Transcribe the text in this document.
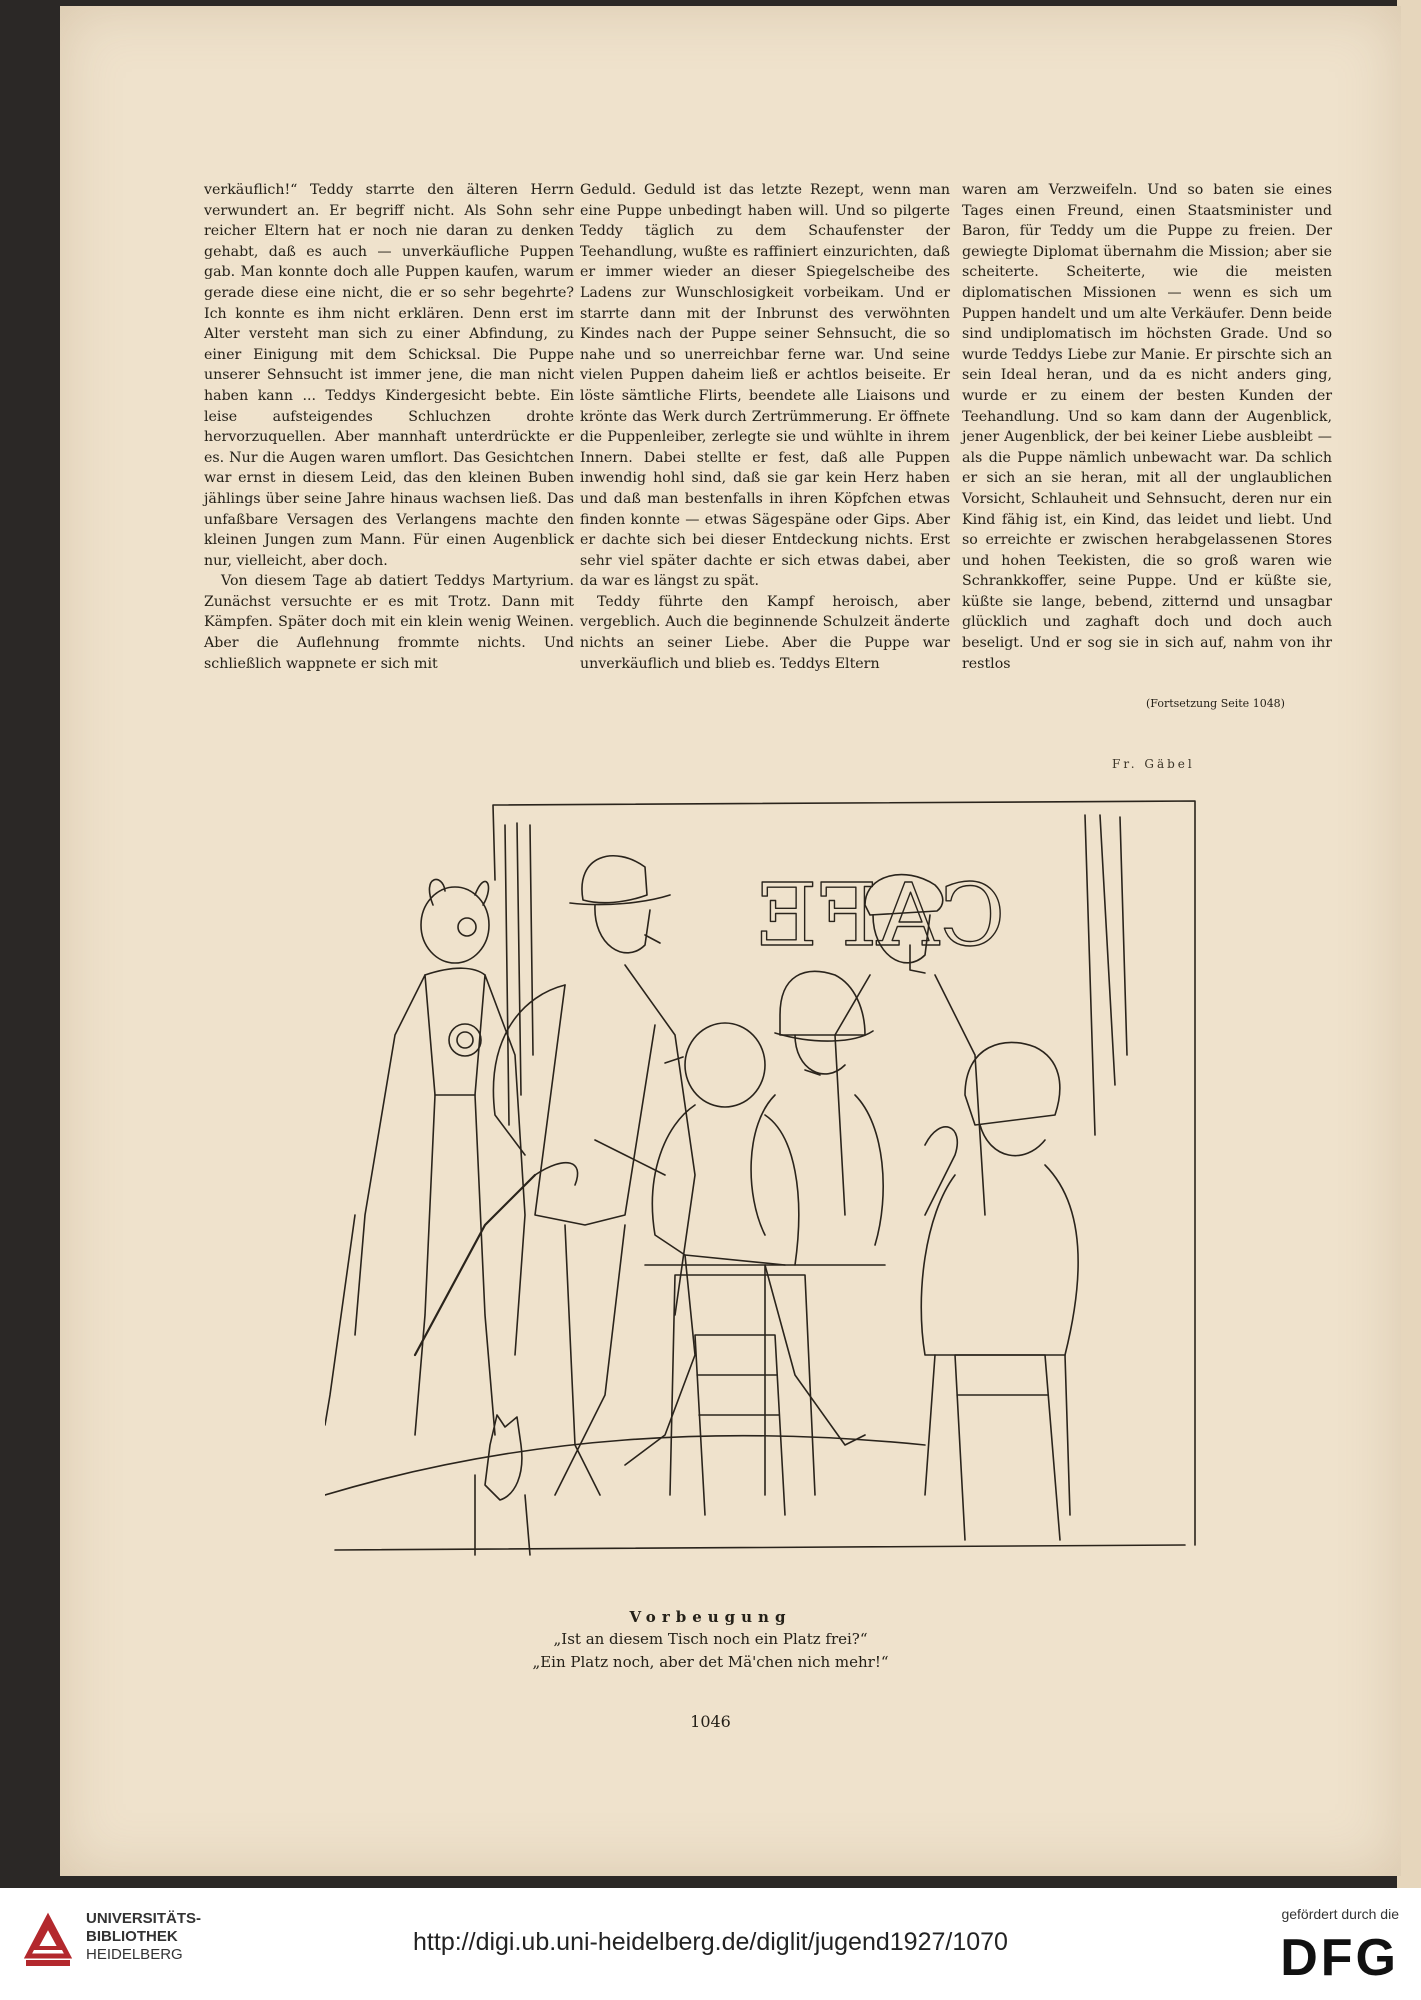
verkäuflich!“ Teddy starrte den älteren Herrn verwundert an. Er begriff nicht. Als Sohn sehr reicher Eltern hat er noch nie daran zu denken gehabt, daß es auch — unverkäufliche Puppen gab. Man konnte doch alle Puppen kaufen, warum gerade diese eine nicht, die er so sehr begehrte? Ich konnte es ihm nicht erklären. Denn erst im Alter versteht man sich zu einer Abfindung, zu einer Einigung mit dem Schicksal. Die Puppe unserer Sehnsucht ist immer jene, die man nicht haben kann ... Teddys Kindergesicht bebte. Ein leise aufsteigendes Schluchzen drohte hervorzuquellen. Aber mannhaft unterdrückte er es. Nur die Augen waren umflort. Das Gesichtchen war ernst in diesem Leid, das den kleinen Buben jählings über seine Jahre hinaus wachsen ließ. Das unfaßbare Versagen des Verlangens machte den kleinen Jungen zum Mann. Für einen Augenblick nur, vielleicht, aber doch.

Von diesem Tage ab datiert Teddys Martyrium. Zunächst versuchte er es mit Trotz. Dann mit Kämpfen. Später doch mit ein klein wenig Weinen. Aber die Auflehnung frommte nichts. Und schließlich wappnete er sich mit

Geduld. Geduld ist das letzte Rezept, wenn man eine Puppe unbedingt haben will. Und so pilgerte Teddy täglich zu dem Schaufenster der Teehandlung, wußte es raffiniert einzurichten, daß er immer wieder an dieser Spiegelscheibe des Ladens zur Wunschlosigkeit vorbeikam. Und er starrte dann mit der Inbrunst des verwöhnten Kindes nach der Puppe seiner Sehnsucht, die so nahe und so unerreichbar ferne war. Und seine vielen Puppen daheim ließ er achtlos beiseite. Er löste sämtliche Flirts, beendete alle Liaisons und krönte das Werk durch Zertrümmerung. Er öffnete die Puppenleiber, zerlegte sie und wühlte in ihrem Innern. Dabei stellte er fest, daß alle Puppen inwendig hohl sind, daß sie gar kein Herz haben und daß man bestenfalls in ihren Köpfchen etwas finden konnte — etwas Sägespäne oder Gips. Aber er dachte sich bei dieser Entdeckung nichts. Erst sehr viel später dachte er sich etwas dabei, aber da war es längst zu spät.

Teddy führte den Kampf heroisch, aber vergeblich. Auch die beginnende Schulzeit änderte nichts an seiner Liebe. Aber die Puppe war unverkäuflich und blieb es. Teddys Eltern

waren am Verzweifeln. Und so baten sie eines Tages einen Freund, einen Staatsminister und Baron, für Teddy um die Puppe zu freien. Der gewiegte Diplomat übernahm die Mission; aber sie scheiterte. Scheiterte, wie die meisten diplomatischen Missionen — wenn es sich um Puppen handelt und um alte Verkäufer. Denn beide sind undiplomatisch im höchsten Grade. Und so wurde Teddys Liebe zur Manie. Er pirschte sich an sein Ideal heran, und da es nicht anders ging, wurde er zu einem der besten Kunden der Teehandlung. Und so kam dann der Augenblick, jener Augenblick, der bei keiner Liebe ausbleibt — als die Puppe nämlich unbewacht war. Da schlich er sich an sie heran, mit all der unglaublichen Vorsicht, Schlauheit und Sehnsucht, deren nur ein Kind fähig ist, ein Kind, das leidet und liebt. Und so erreichte er zwischen herabgelassenen Stores und hohen Teekisten, die so groß waren wie Schrankkoffer, seine Puppe. Und er küßte sie, küßte sie lange, bebend, zitternd und unsagbar glücklich und zaghaft doch und doch auch beseligt. Und er sog sie in sich auf, nahm von ihr restlos

(Fortsetzung Seite 1048)
Fr. Gäbel
CAFE
Vorbeugung
„Ist an diesem Tisch noch ein Platz frei?“
„Ein Platz noch, aber det Mä'chen nich mehr!“
1046
UNIVERSITÄTS-
BIBLIOTHEK
HEIDELBERG	http://digi.ub.uni-heidelberg.de/diglit/jugend1927/1070
gefördert durch die
DFG
